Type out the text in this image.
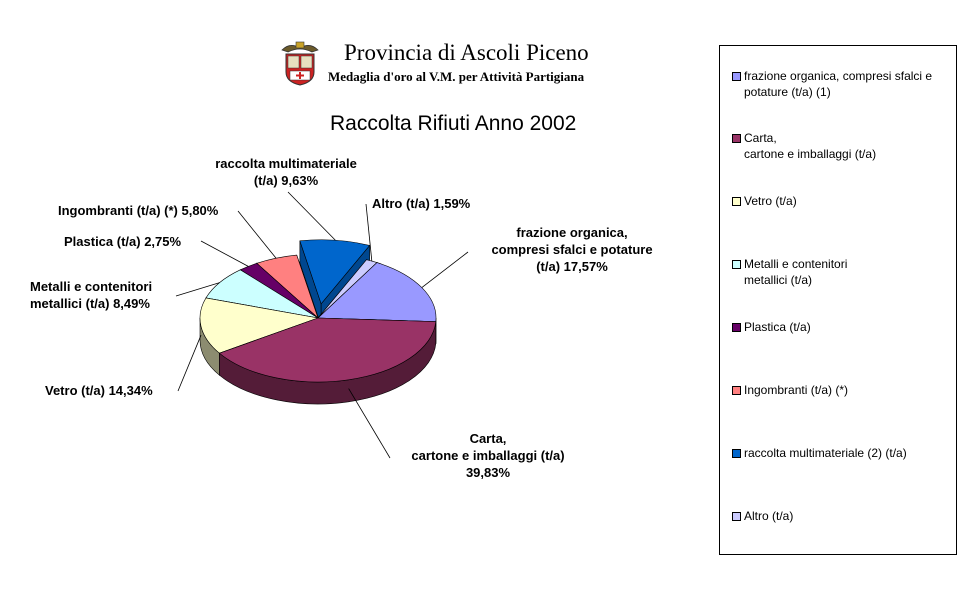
Provincia di Ascoli Piceno
Medaglia d'oro al V.M. per Attività Partigiana
Raccolta Rifiuti Anno 2002
frazione organica,
compresi sfalci e potature
(t/a) 17,57%
Carta,
cartone e imballaggi (t/a)
39,83%
Vetro (t/a) 14,34%
Metalli e contenitori
metallici (t/a) 8,49%
Plastica (t/a) 2,75%
Ingombranti (t/a) (*) 5,80%
raccolta multimateriale
(t/a) 9,63%
Altro (t/a) 1,59%
frazione organica, compresi sfalci e potature (t/a) (1)
Carta,
cartone e imballaggi (t/a)
Vetro (t/a)
Metalli e contenitori
metallici (t/a)
Plastica (t/a)
Ingombranti (t/a) (*)
raccolta multimateriale (2) (t/a)
Altro (t/a)
